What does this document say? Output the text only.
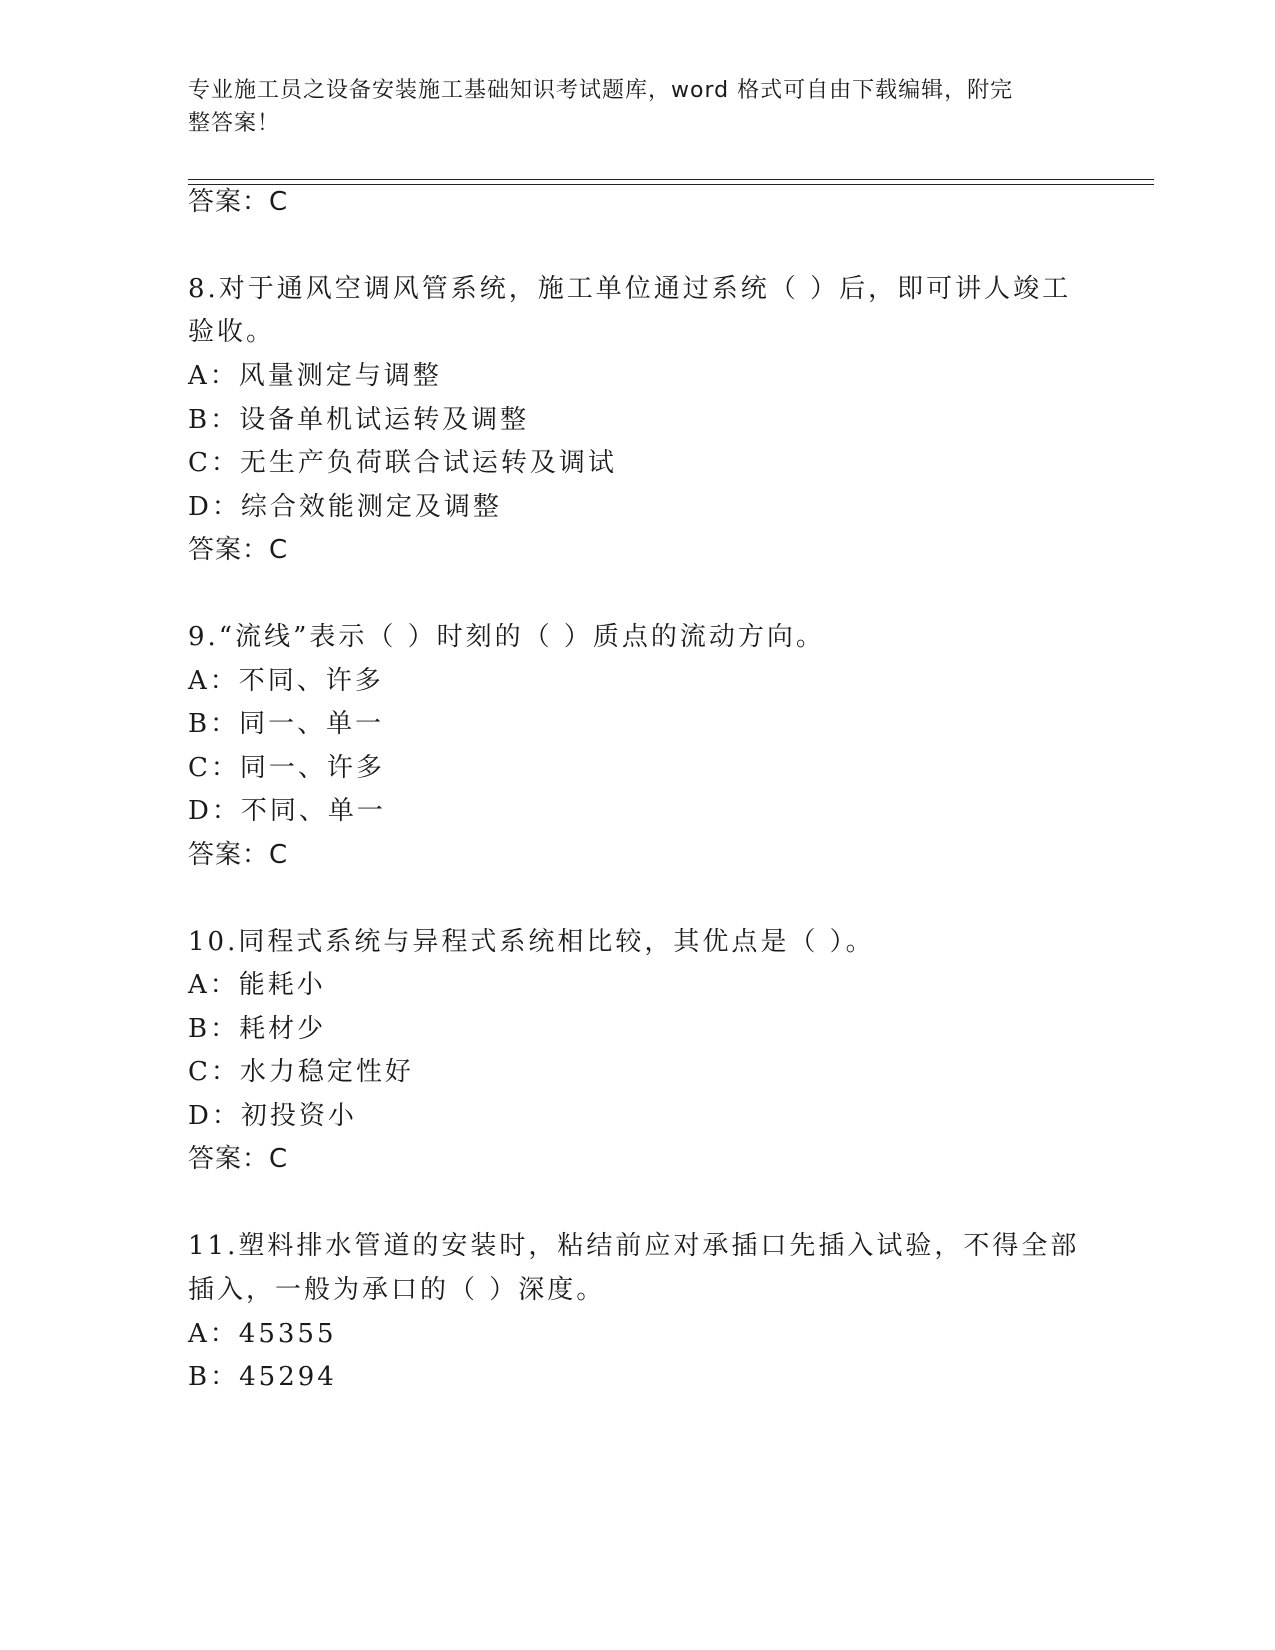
专业施工员之设备安装施工基础知识考试题库，word 格式可自由下载编辑，附完
整答案！
答案：C
8.对于通风空调风管系统，施工单位通过系统（ ）后，即可讲人竣工
验收。
A：风量测定与调整
B：设备单机试运转及调整
C：无生产负荷联合试运转及调试
D：综合效能测定及调整
答案：C
9.“流线”表示（ ）时刻的（ ）质点的流动方向。
A：不同、许多
B：同一、单一
C：同一、许多
D：不同、单一
答案：C
10.同程式系统与异程式系统相比较，其优点是（ ）。
A：能耗小
B：耗材少
C：水力稳定性好
D：初投资小
答案：C
11.塑料排水管道的安装时，粘结前应对承插口先插入试验，不得全部
插入，一般为承口的（ ）深度。
A：45355
B：45294
